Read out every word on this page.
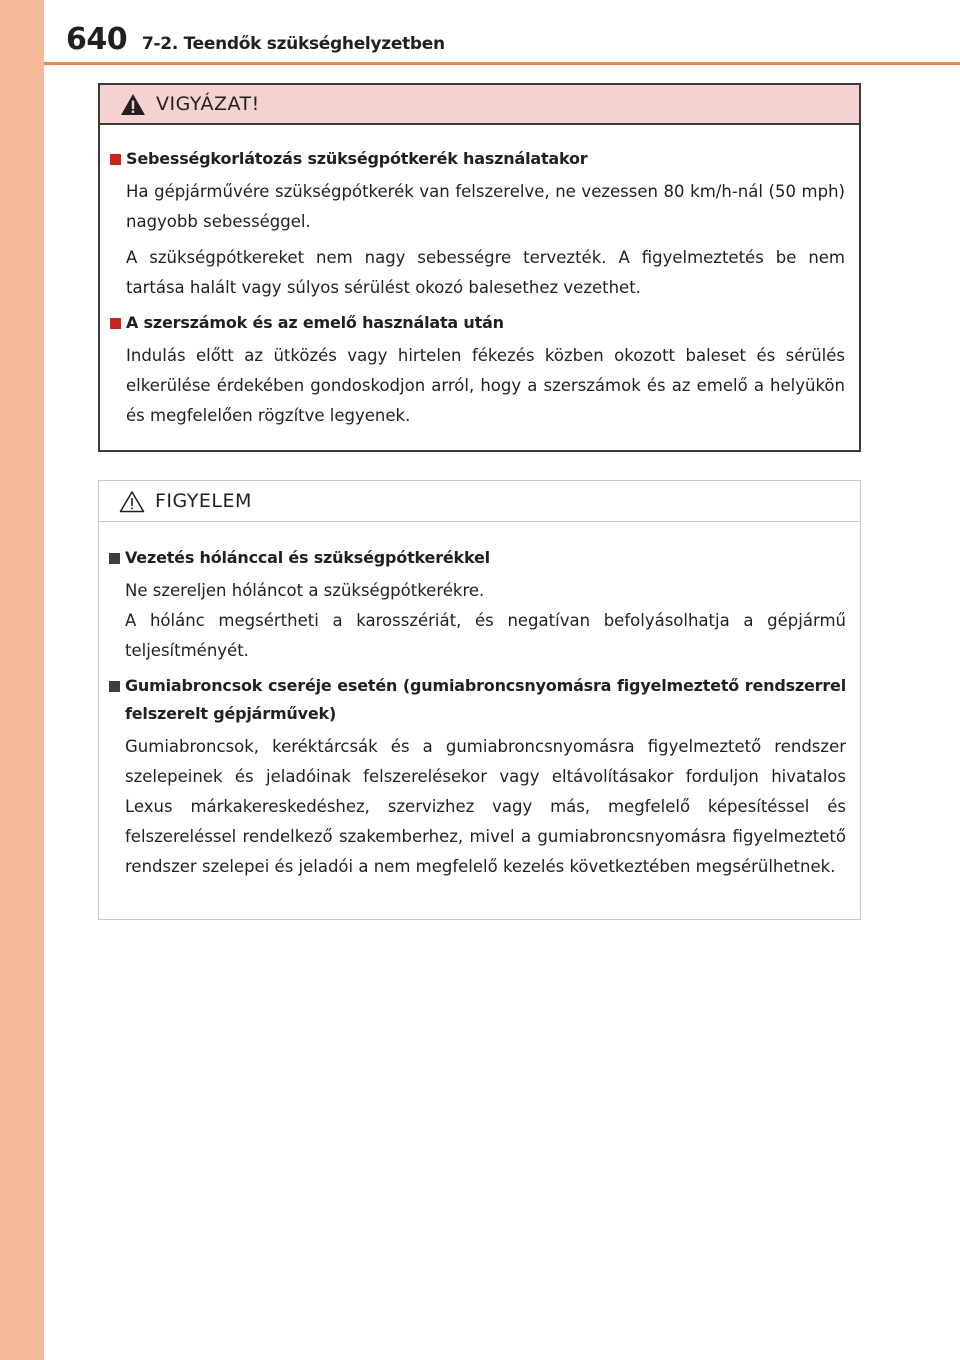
640 7-2. Teendők szükséghelyzetben
VIGYÁZAT!
Sebességkorlátozás szükségpótkerék használatakor

Ha gépjárművére szükségpótkerék van felszerelve, ne vezessen 80 km/h-nál (50 mph) nagyobb sebességgel.

A szükségpótkereket nem nagy sebességre tervezték. A figyelmeztetés be nem tartása halált vagy súlyos sérülést okozó balesethez vezethet.

A szerszámok és az emelő használata után

Indulás előtt az ütközés vagy hirtelen fékezés közben okozott baleset és sérülés elkerülése érdekében gondoskodjon arról, hogy a szerszámok és az emelő a helyükön és megfelelően rögzítve legyenek.

FIGYELEM
Vezetés hólánccal és szükségpótkerékkel

Ne szereljen hóláncot a szükségpótkerékre.

A hólánc megsértheti a karosszériát, és negatívan befolyásolhatja a gépjármű teljesítményét.

Gumiabroncsok cseréje esetén (gumiabroncsnyomásra figyelmeztető rendszerrel felszerelt gépjárművek)

Gumiabroncsok, keréktárcsák és a gumiabroncsnyomásra figyelmeztető rendszer szelepeinek és jeladóinak felszerelésekor vagy eltávolításakor forduljon hivatalos Lexus márkakereskedéshez, szervizhez vagy más, megfelelő képesítéssel és felszereléssel rendelkező szakemberhez, mivel a gumiabroncsnyomásra figyelmeztető rendszer szelepei és jeladói a nem megfelelő kezelés következtében megsérülhetnek.
